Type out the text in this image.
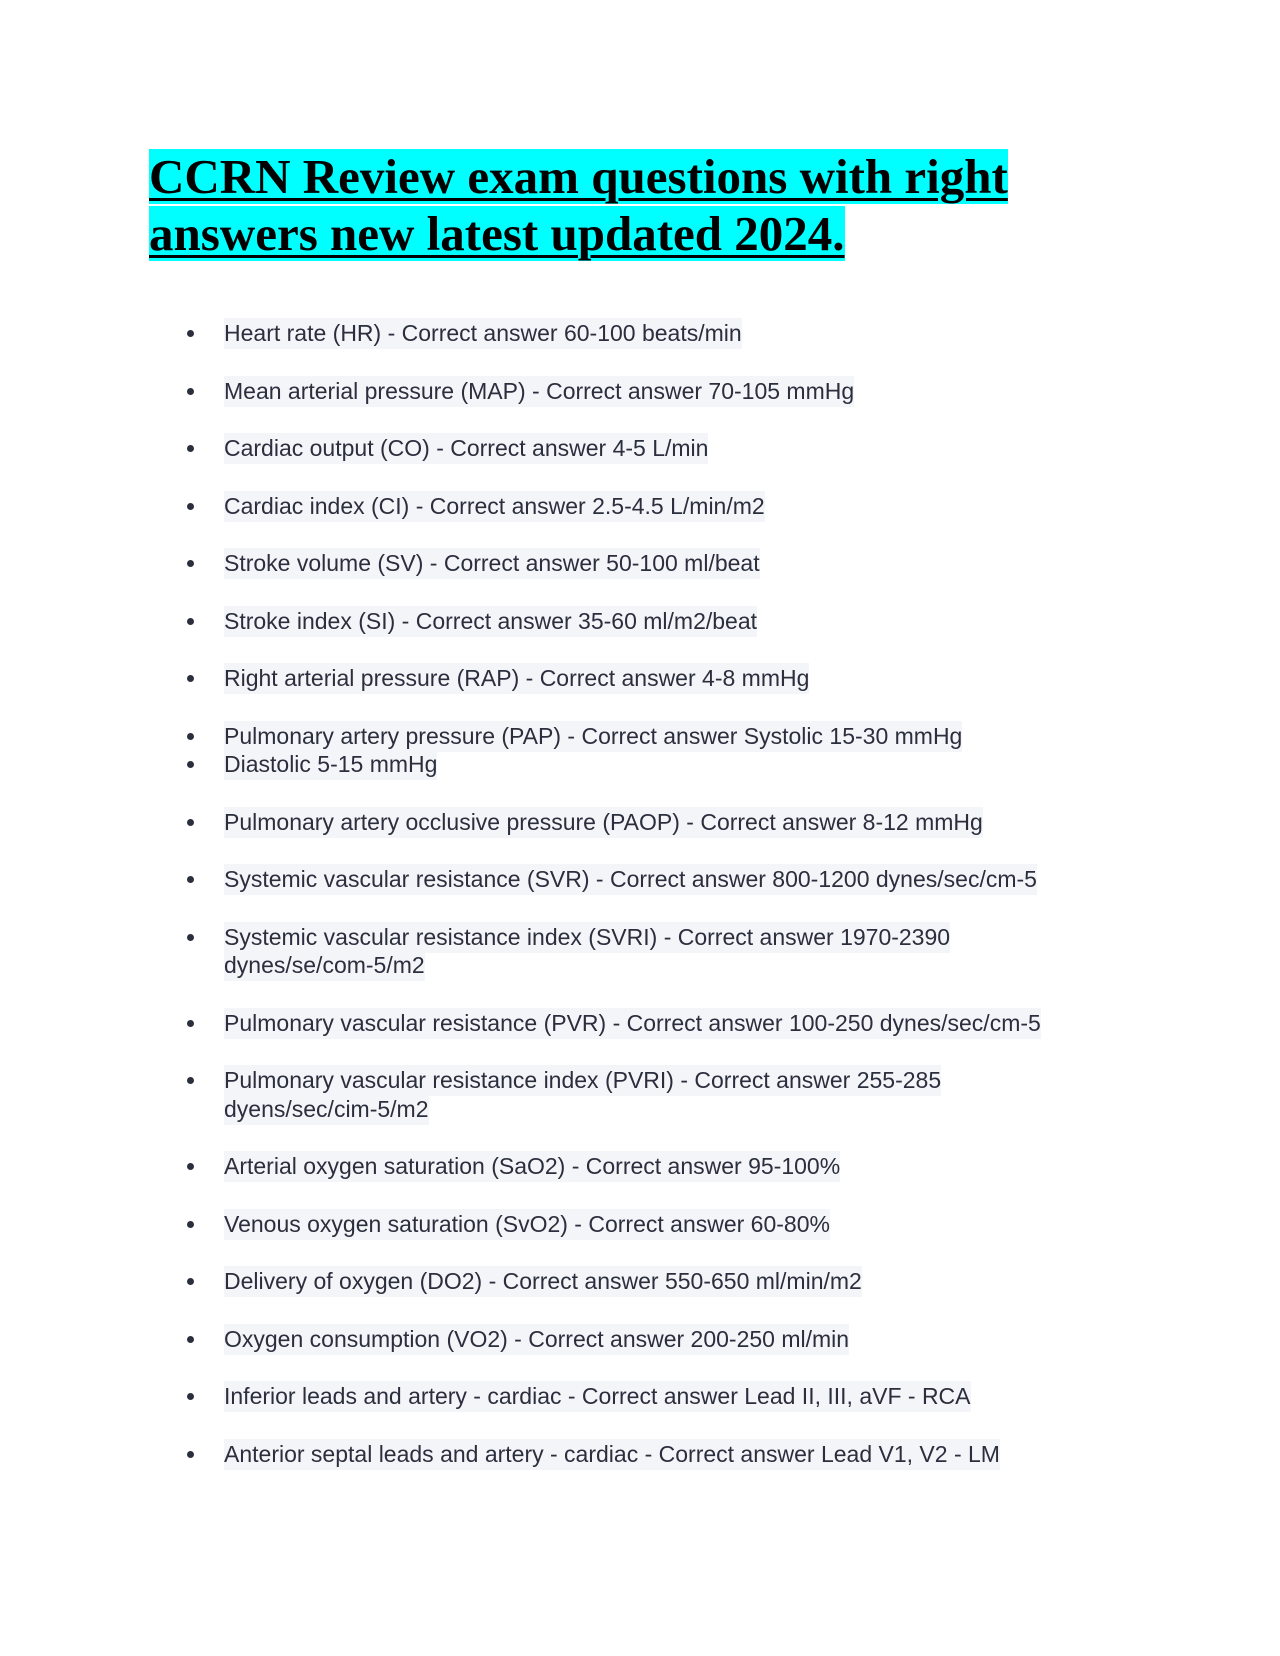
CCRN Review exam questions with right answers new latest updated 2024.
Heart rate (HR) - Correct answer 60-100 beats/min
Mean arterial pressure (MAP) - Correct answer 70-105 mmHg
Cardiac output (CO) - Correct answer 4-5 L/min
Cardiac index (CI) - Correct answer 2.5-4.5 L/min/m2
Stroke volume (SV) - Correct answer 50-100 ml/beat
Stroke index (SI) - Correct answer 35-60 ml/m2/beat
Right arterial pressure (RAP) - Correct answer 4-8 mmHg
Pulmonary artery pressure (PAP) - Correct answer Systolic 15-30 mmHg
Diastolic 5-15 mmHg
Pulmonary artery occlusive pressure (PAOP) - Correct answer 8-12 mmHg
Systemic vascular resistance (SVR) - Correct answer 800-1200 dynes/sec/cm-5
Systemic vascular resistance index (SVRI) - Correct answer 1970-2390
dynes/se/com-5/m2
Pulmonary vascular resistance (PVR) - Correct answer 100-250 dynes/sec/cm-5
Pulmonary vascular resistance index (PVRI) - Correct answer 255-285
dyens/sec/cim-5/m2
Arterial oxygen saturation (SaO2) - Correct answer 95-100%
Venous oxygen saturation (SvO2) - Correct answer 60-80%
Delivery of oxygen (DO2) - Correct answer 550-650 ml/min/m2
Oxygen consumption (VO2) - Correct answer 200-250 ml/min
Inferior leads and artery - cardiac - Correct answer Lead II, III, aVF - RCA
Anterior septal leads and artery - cardiac - Correct answer Lead V1, V2 - LM
